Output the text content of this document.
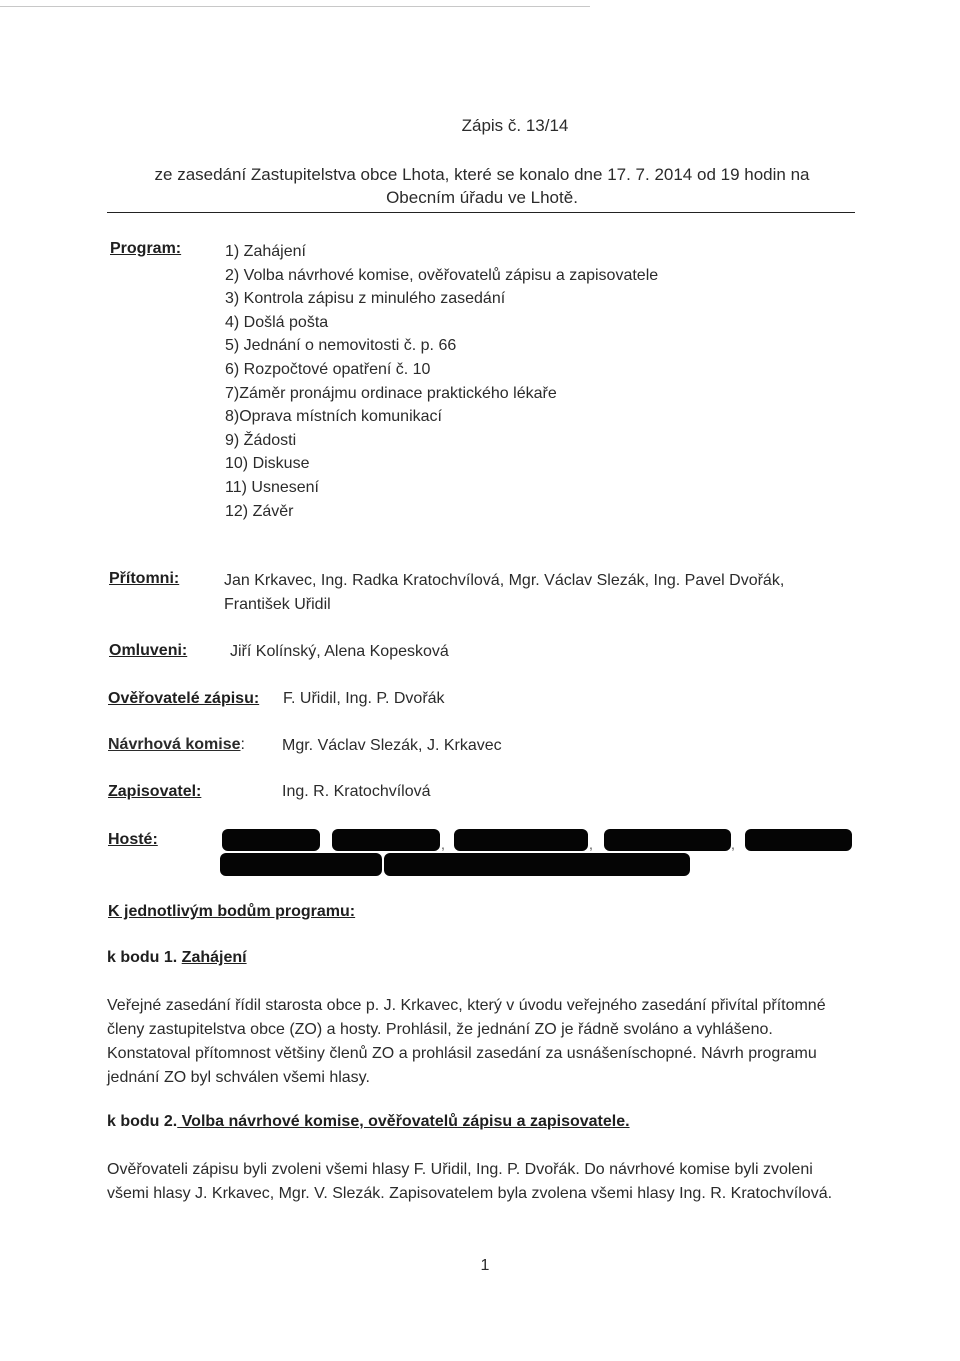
Zápis č. 13/14
ze zasedání Zastupitelstva obce Lhota, které se konalo dne 17. 7. 2014 od 19 hodin na Obecním úřadu ve Lhotě.
Program:	1) Zahájení
2) Volba návrhové komise, ověřovatelů zápisu a zapisovatele
3) Kontrola zápisu z minulého zasedání
4) Došlá pošta
5) Jednání o nemovitosti č. p. 66
6) Rozpočtové opatření č. 10
7)Záměr pronájmu ordinace praktického lékaře
8)Oprava místních komunikací
9) Žádosti
10) Diskuse
11) Usnesení
12) Závěr
Přítomni:	Jan Krkavec, Ing. Radka Kratochvílová, Mgr. Václav Slezák, Ing. Pavel Dvořák, František Uřidil
Omluveni:	Jiří Kolínský, Alena Kopesková
Ověřovatelé zápisu: F. Uřidil, Ing. P. Dvořák
Návrhová komise: Mgr. Václav Slezák, J. Krkavec
Zapisovatel:	Ing. R. Kratochvílová
Hosté:	,	,	,
K jednotlivým bodům programu:
k bodu 1. Zahájení

Veřejné zasedání řídil starosta obce p. J. Krkavec, který v úvodu veřejného zasedání přivítal přítomné členy zastupitelstva obce (ZO) a hosty. Prohlásil, že jednání ZO je řádně svoláno a vyhlášeno. Konstatoval přítomnost většiny členů ZO a prohlásil zasedání za usnášeníschopné. Návrh programu jednání ZO byl schválen všemi hlasy.

k bodu 2. Volba návrhové komise, ověřovatelů zápisu a zapisovatele.

Ověřovateli zápisu byli zvoleni všemi hlasy F. Uřidil, Ing. P. Dvořák. Do návrhové komise byli zvoleni všemi hlasy J. Krkavec, Mgr. V. Slezák. Zapisovatelem byla zvolena všemi hlasy Ing. R. Kratochvílová.

1
